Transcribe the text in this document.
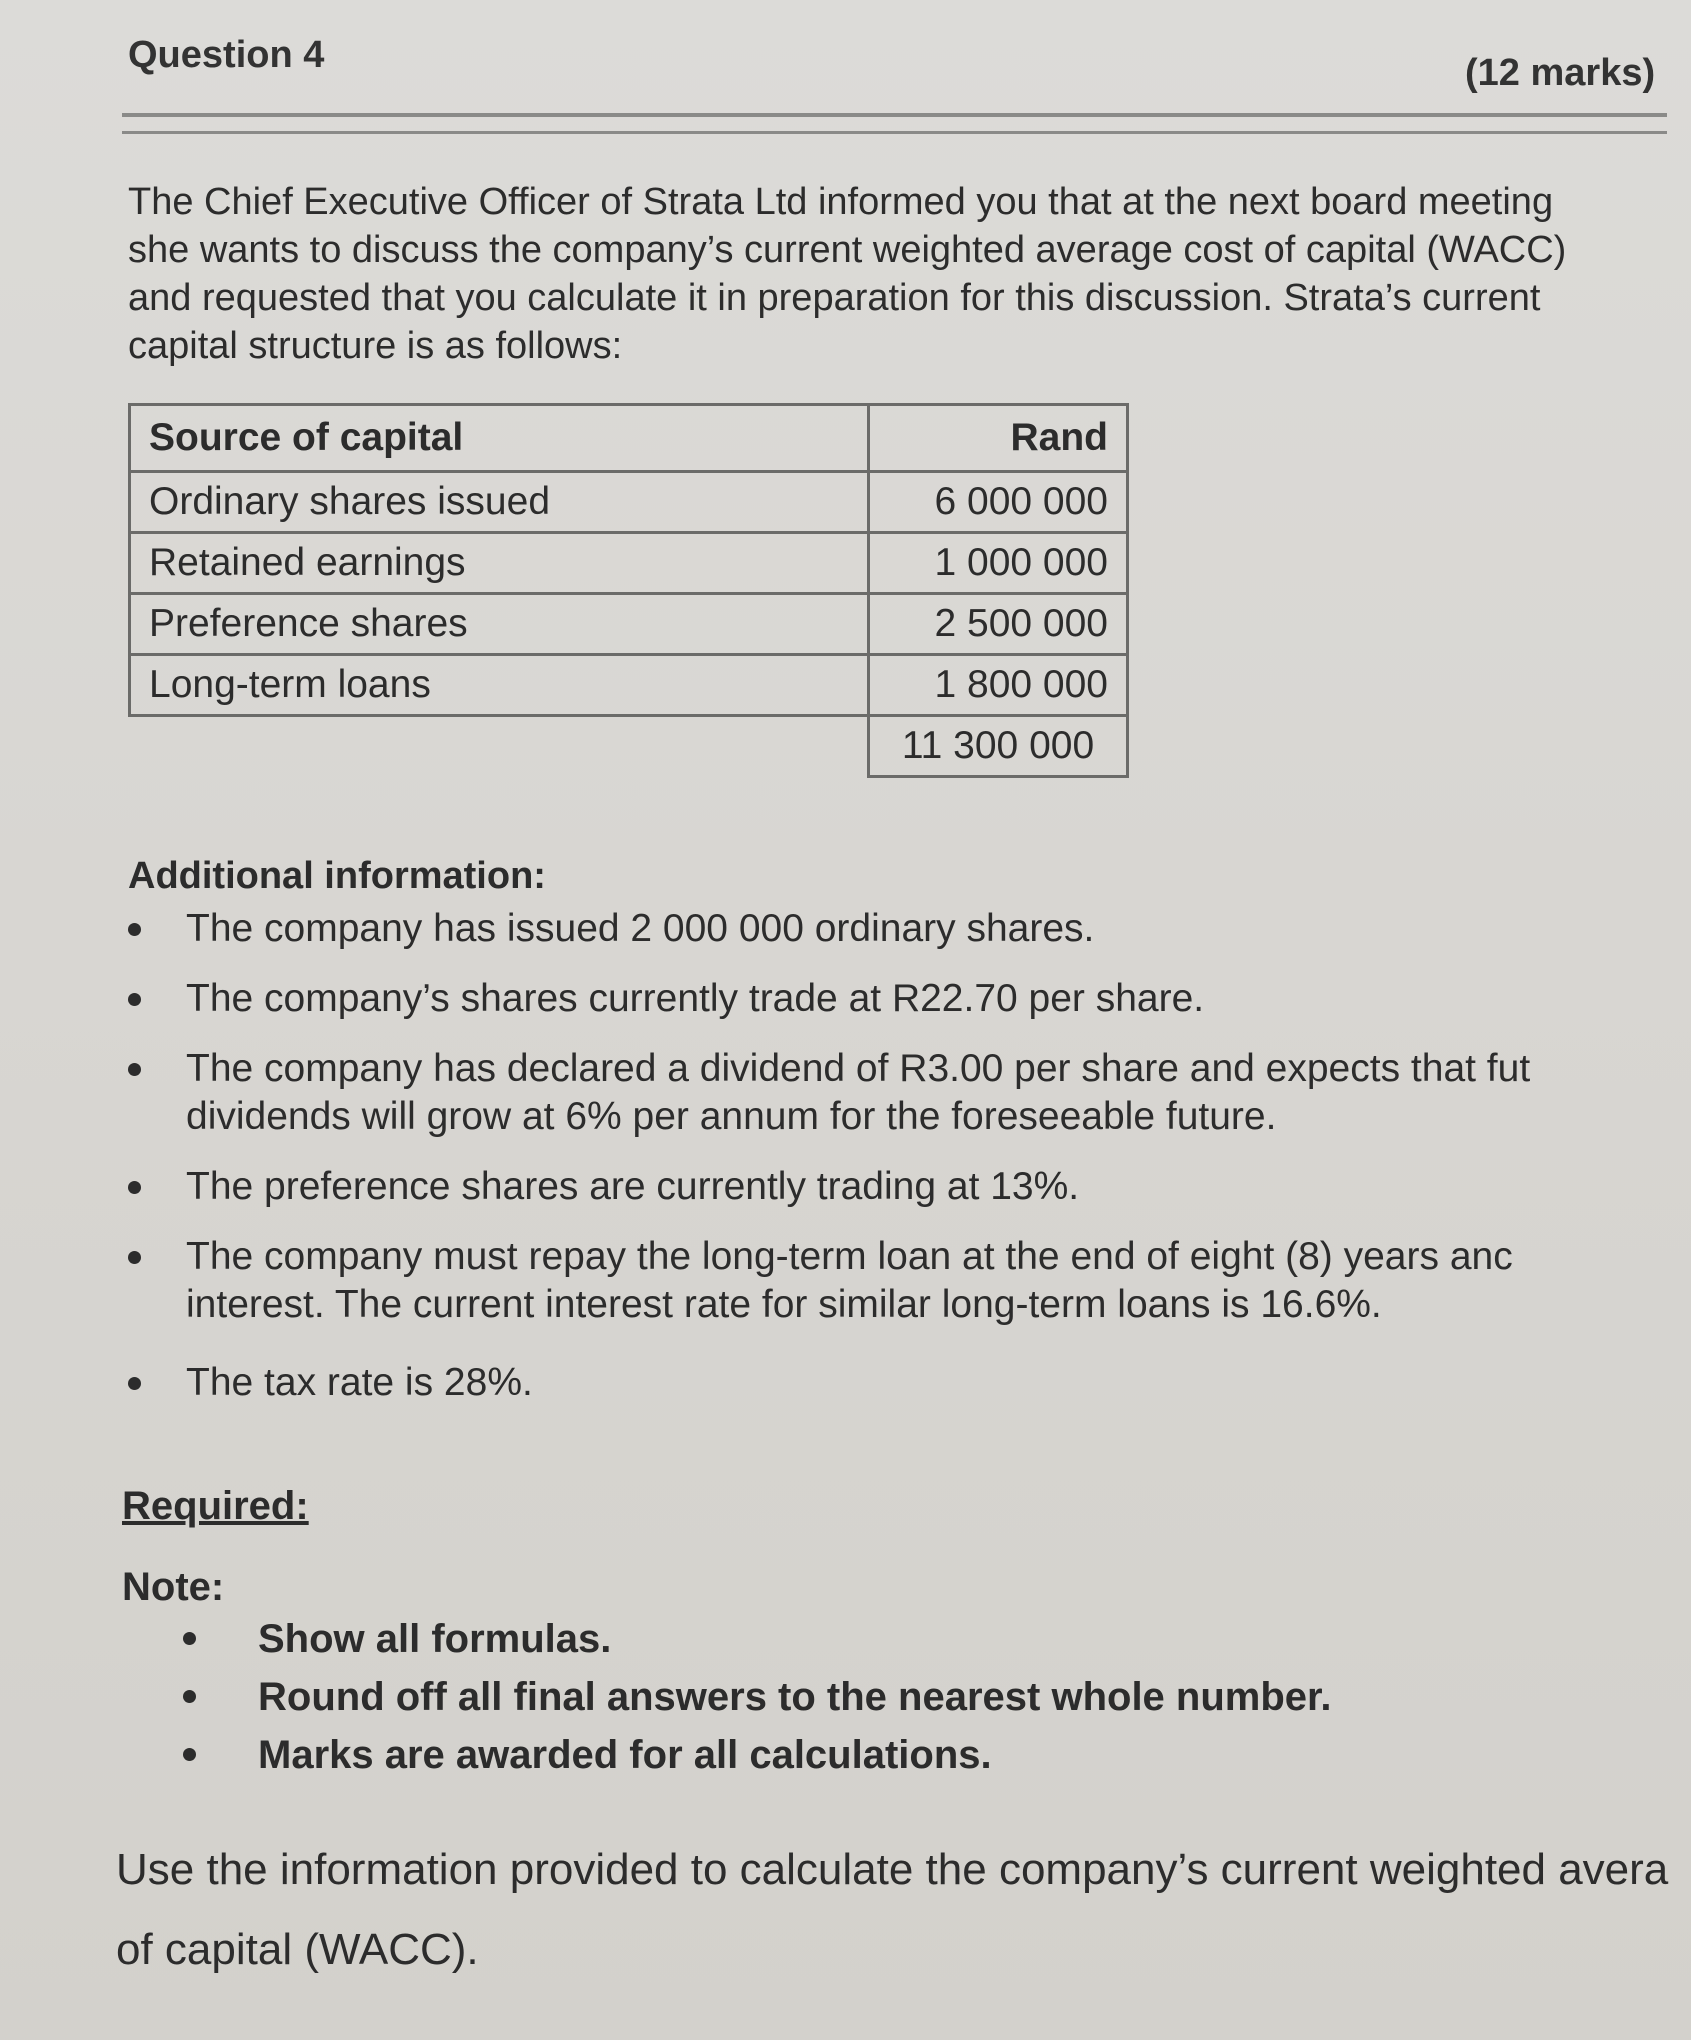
Question 4	(12 marks)
The Chief Executive Officer of Strata Ltd informed you that at the next board meeting
she wants to discuss the company’s current weighted average cost of capital (WACC)
and requested that you calculate it in preparation for this discussion. Strata’s current
capital structure is as follows:
Source of capital	Rand
Ordinary shares issued	6 000 000
Retained earnings	1 000 000
Preference shares	2 500 000
Long-term loans	1 800 000
	11 300 000
Additional information:
The company has issued 2 000 000 ordinary shares.
The company’s shares currently trade at R22.70 per share.
The company has declared a dividend of R3.00 per share and expects that fut
dividends will grow at 6% per annum for the foreseeable future.
The preference shares are currently trading at 13%.
The company must repay the long-term loan at the end of eight (8) years anc
interest. The current interest rate for similar long-term loans is 16.6%.
The tax rate is 28%.
Required:
Note:
Show all formulas.
Round off all final answers to the nearest whole number.
Marks are awarded for all calculations.
Use the information provided to calculate the company’s current weighted avera
of capital (WACC).
